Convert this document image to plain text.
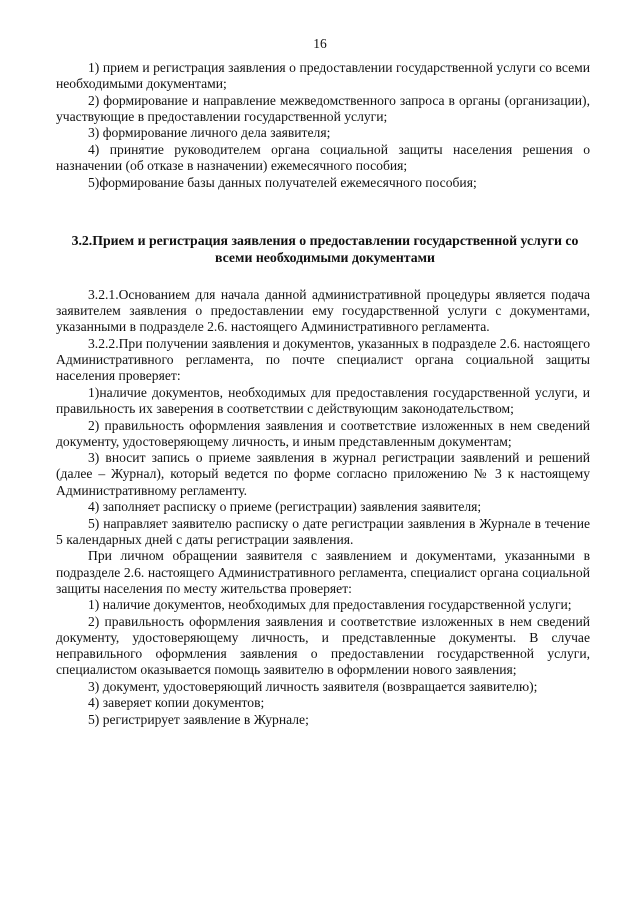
16

1) прием и регистрация заявления о предоставлении государственной услуги со всеми необходимыми документами;

2) формирование и направление межведомственного запроса в органы (организации), участвующие в предоставлении государственной услуги;

3) формирование личного дела заявителя;

4) принятие руководителем органа социальной защиты населения решения о назначении (об отказе в назначении) ежемесячного пособия;

5)формирование базы данных получателей ежемесячного пособия;

3.2.Прием и регистрация заявления о предоставлении государственной услуги со всеми необходимыми документами

3.2.1.Основанием для начала данной административной процедуры является подача заявителем заявления о предоставлении ему государственной услуги с документами, указанными в подразделе 2.6. настоящего Административного регламента.

3.2.2.При получении заявления и документов, указанных в подразделе 2.6. настоящего Административного регламента, по почте специалист органа социальной защиты населения проверяет:

1)наличие документов, необходимых для предоставления государственной услуги, и правильность их заверения в соответствии с действующим законодательством;

2) правильность оформления заявления и соответствие изложенных в нем сведений документу, удостоверяющему личность, и иным представленным документам;

3) вносит запись о приеме заявления в журнал регистрации заявлений и решений (далее – Журнал), который ведется по форме согласно приложению № 3 к настоящему Административному регламенту.

4) заполняет расписку о приеме (регистрации) заявления заявителя;

5) направляет заявителю расписку о дате регистрации заявления в Журнале в течение 5 календарных дней с даты регистрации заявления.

При личном обращении заявителя с заявлением и документами, указанными в подразделе 2.6. настоящего Административного регламента, специалист органа социальной защиты населения по месту жительства проверяет:

1) наличие документов, необходимых для предоставления государственной услуги;

2) правильность оформления заявления и соответствие изложенных в нем сведений документу, удостоверяющему личность, и представленные документы. В случае неправильного оформления заявления о предоставлении государственной услуги, специалистом оказывается помощь заявителю в оформлении нового заявления;

3) документ, удостоверяющий личность заявителя (возвращается заявителю);

4) заверяет копии документов;

5) регистрирует заявление в Журнале;
